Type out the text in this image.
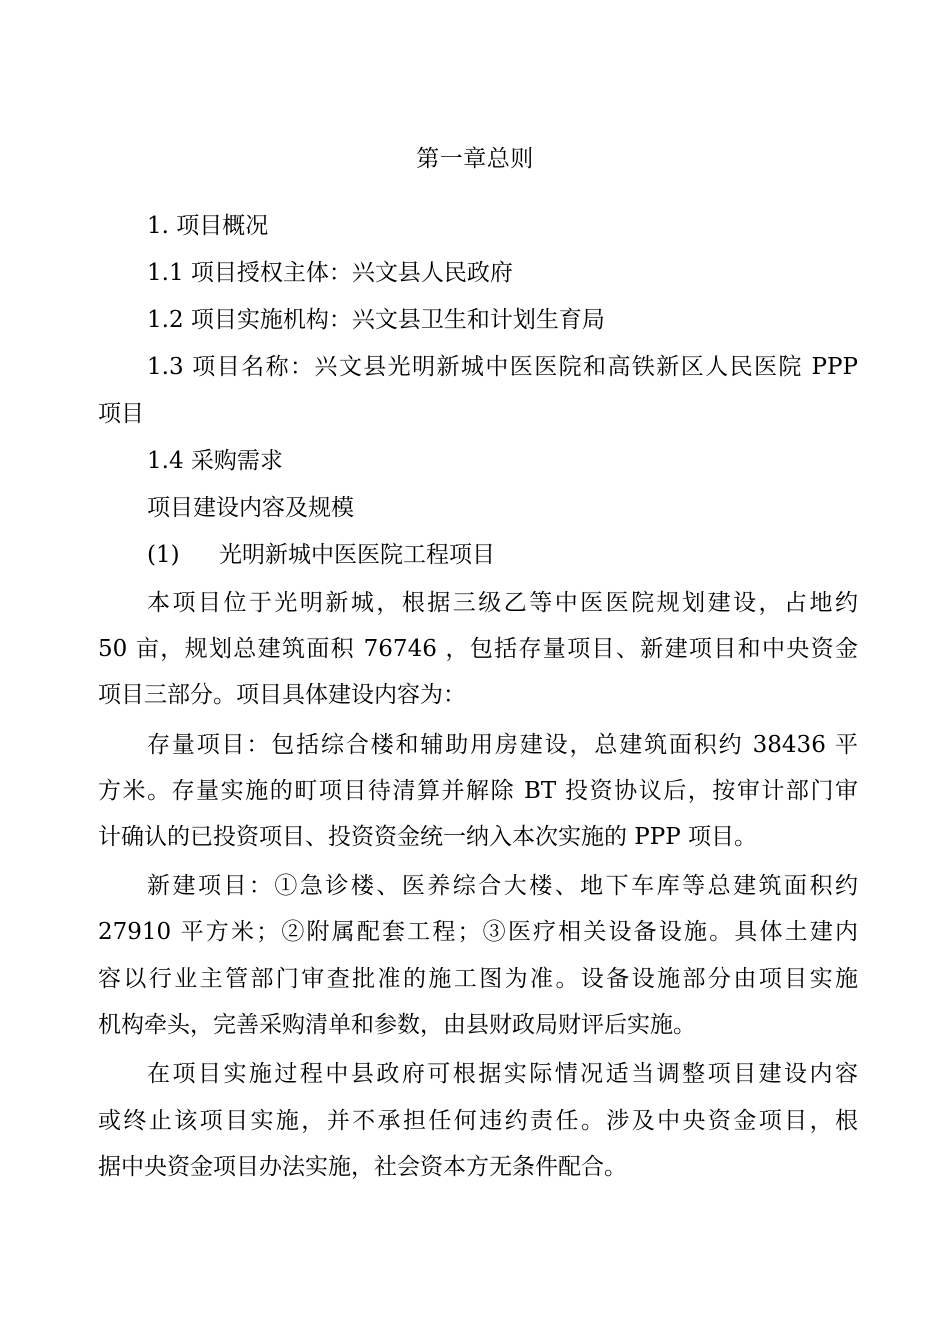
第一章总则
1. 项目概况
1.1 项目授权主体：兴文县人民政府
1.2 项目实施机构：兴文县卫生和计划生育局
1.3 项目名称：兴文县光明新城中医医院和高铁新区人民医院 PPP
项目
1.4 采购需求
项目建设内容及规模
(1) 光明新城中医医院工程项目
本项目位于光明新城，根据三级乙等中医医院规划建设，占地约
50 亩，规划总建筑面积 76746 ，包括存量项目、新建项目和中央资金
项目三部分。项目具体建设内容为：
存量项目：包括综合楼和辅助用房建设，总建筑面积约 38436 平
方米。存量实施的町项目待清算并解除 BT 投资协议后，按审计部门审
计确认的已投资项目、投资资金统一纳入本次实施的 PPP 项目。
新建项目：①急诊楼、医养综合大楼、地下车库等总建筑面积约
27910 平方米；②附属配套工程；③医疗相关设备设施。具体土建内
容以行业主管部门审查批准的施工图为准。设备设施部分由项目实施
机构牵头，完善采购清单和参数，由县财政局财评后实施。
在项目实施过程中县政府可根据实际情况适当调整项目建设内容
或终止该项目实施，并不承担任何违约责任。涉及中央资金项目，根
据中央资金项目办法实施，社会资本方无条件配合。
